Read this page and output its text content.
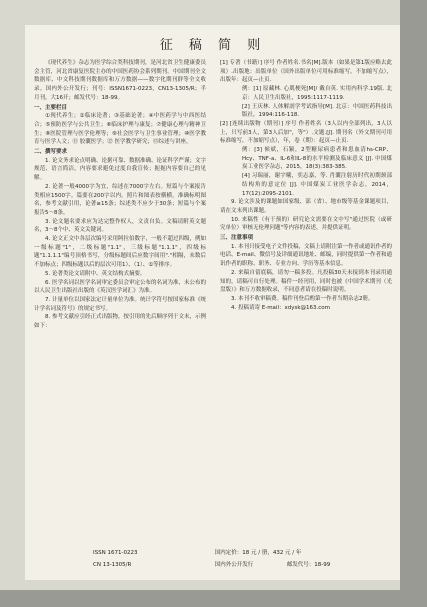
征 稿 简 则

《现代养生》杂志为医学综合类科技期刊，是河北省卫生健康委员会主管，河北省康复医院主办的中国医药协会系列期刊。中国期刊全文数据库、中文科技期刊数据库和万方数据——数字化期刊群等全文收录。国内外公开发行；刊号：ISSN1671-0223，CN13-1305/R；半月刊，大16开；邮发代号：18-99。

一、主要栏目

①现代养生；②临床论著；③基础论著；④中医药学与中西医结合；⑤预防医学与公共卫生；⑥临床护理与康复；⑦健康心理与精神卫生；⑧医院管理与医学伦理等；⑨社会医学与卫生事业管理；⑩医学教育与医学人文；⑪ 胶囊医学；⑫ 医学教学研究；⑬综述与讲座。

二、撰写要求

1. 论文务求论点明确、论据可靠、数据准确、论证科学严谨；文字规范、语言简洁，内容要求避免过度自我宣传；扼扼内容要自己的见解。

2. 论著一般4000字为宜，综述在7000字左右。短篇与个案报告类相应1500字。篇要在200字以内。照片和图表按横横，准确标明图名，参考文献引用，论著≥15条；综述类不应少于30条；短篇与个案报告5～8条。

3. 论文题名要求应为达完整作权人，文责自负。文稿请附英文题名，3～8个中、英文关键词。

4. 论文正文中各层次编号采用阿拉伯数字，一般不超过四级，例如一级标题"1"，二级标题"1.1"，三级标题"1.1.1"，四级标题"1.1.1.1"编号顶格书写，分级标题间后应数字间用"."相隔，末数后不加标点；四级标题以后的层次可用1）、（1）、①等排序。

5. 论著类论文请附中、英文结构式摘要。

6. 医学名词以医学名词审定委员会审定公布的名词为准，未公布的以人民卫生出版社出版的《英汉医学词汇》为准。

7. 计量单位以国家法定计量单位为准。统计学符号按国家标准《统计学名词及符号》的规定书写。

8. 参考文献应引经正式出版物，按引用的先后顺序列于文末，示例如下：

[1] 专著（书籍）] 序号 作者姓名.书名[M].版本（如果是第1版应略去此项）.出版地：出版单位（国外出版单位可用标准缩写，不加缩写点），出版年：起页—止页.

例：[1] 原藏林. 心肌梗死[M]/ 戴自英. 实用内科学.19版. 北京：人民卫生出版社，1995:1117-1119.

[2] 王庆林. 人体解剖学考试指导[M]. 北京：中国医药科技出版社，1994:116-118.

[2] [连续出版物（期刊）] 序号 作者姓名（3人以内全部列出，3人以上，只写前3人，第3人后加"，等"）.文题.[J]. 期刊名（外文期刊可用标准缩写，不加缩写点），年，卷（期）：起页—止页.

例：[3] 候斌，石颖，2型糖尿病患者和患血清hs-CRP、Hcy、TNF-a、IL-6和IL-8的水平检测及临床意义 [J]. 中国煤炭工业医学杂志，2015，18(3):383-385.

[4] 习瑞丽，谢宇曦，奕志嘉，等. 肖囊注射历时代初期颈部结构角的意定位 [J]. 中国煤炭工业医学杂志，2014，17(12):2095-2101.

9. 论文涉及的课题如国家级、部（省）、地市级等基金课题项目，请在文末列出课题。

10. 来稿性（有干预的）研究论文需要在文中写"通过医院（或研究单位）审核无伦理问题"等内容的表述，并提供证明。

三、注意事项

1. 本刊只接受电子文件投稿，文稿上请附注第一作者或通讯作者的电话、E-mail、微信号及详细通讯地址、邮编，同时提供第一作者和通讯作者的职称、职务、专业方向、学历等基本信息。

2. 来稿自留底稿，请勿一稿多投。凡投稿30天未接到本刊录用通知的，请稿可自行处理。稿件一经刊用，同时也被《中国学术期刊（光盘版）》和万方数据收录，不同意者请在投稿时说明。

3. 本刊不收审稿费。稿件刊登后酌第一作者当期杂志2册。

4. 投稿请寄 E-mail：xdysk@163.com

ISSN 1671-0223	国内定价：18 元 / 册，432 元 / 年
CN 13-1305/R	国内外公开发行	邮发代号：18-99
